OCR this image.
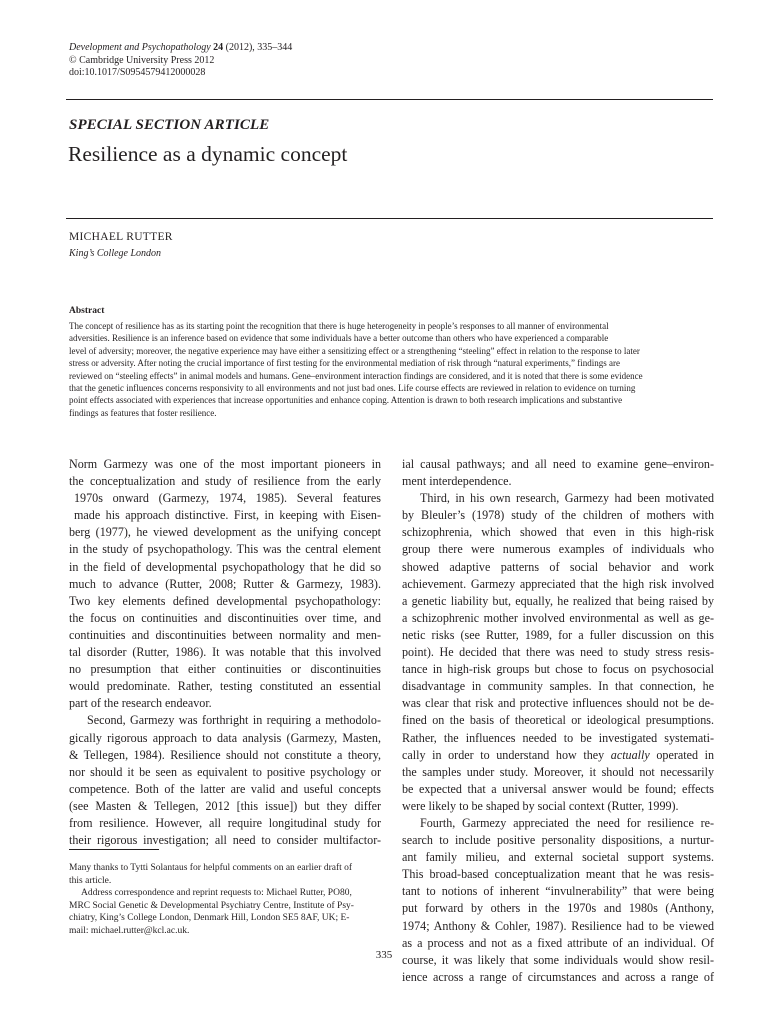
Development and Psychopathology 24 (2012), 335–344
© Cambridge University Press 2012
doi:10.1017/S0954579412000028
SPECIAL SECTION ARTICLE
Resilience as a dynamic concept
MICHAEL RUTTER
King’s College London
Abstract
The concept of resilience has as its starting point the recognition that there is huge heterogeneity in people’s responses to all manner of environmental
adversities. Resilience is an inference based on evidence that some individuals have a better outcome than others who have experienced a comparable
level of adversity; moreover, the negative experience may have either a sensitizing effect or a strengthening “steeling” effect in relation to the response to later
stress or adversity. After noting the crucial importance of first testing for the environmental mediation of risk through “natural experiments,” findings are
reviewed on “steeling effects” in animal models and humans. Gene–environment interaction findings are considered, and it is noted that there is some evidence
that the genetic influences concerns responsivity to all environments and not just bad ones. Life course effects are reviewed in relation to evidence on turning
point effects associated with experiences that increase opportunities and enhance coping. Attention is drawn to both research implications and substantive
findings as features that foster resilience.
Norm Garmezy was one of the most important pioneers in
the conceptualization and study of resilience from the early
1970s onward (Garmezy, 1974, 1985). Several features
made his approach distinctive. First, in keeping with Eisen-
berg (1977), he viewed development as the unifying concept
in the study of psychopathology. This was the central element
in the field of developmental psychopathology that he did so
much to advance (Rutter, 2008; Rutter & Garmezy, 1983).
Two key elements defined developmental psychopathology:
the focus on continuities and discontinuities over time, and
continuities and discontinuities between normality and men-
tal disorder (Rutter, 1986). It was notable that this involved
no presumption that either continuities or discontinuities
would predominate. Rather, testing constituted an essential
part of the research endeavor.
Second, Garmezy was forthright in requiring a methodolo-
gically rigorous approach to data analysis (Garmezy, Masten,
& Tellegen, 1984). Resilience should not constitute a theory,
nor should it be seen as equivalent to positive psychology or
competence. Both of the latter are valid and useful concepts
(see Masten & Tellegen, 2012 [this issue]) but they differ
from resilience. However, all require longitudinal study for
their rigorous investigation; all need to consider multifactor-
ial causal pathways; and all need to examine gene–environ-
ment interdependence.
Third, in his own research, Garmezy had been motivated
by Bleuler’s (1978) study of the children of mothers with
schizophrenia, which showed that even in this high-risk
group there were numerous examples of individuals who
showed adaptive patterns of social behavior and work
achievement. Garmezy appreciated that the high risk involved
a genetic liability but, equally, he realized that being raised by
a schizophrenic mother involved environmental as well as ge-
netic risks (see Rutter, 1989, for a fuller discussion on this
point). He decided that there was need to study stress resis-
tance in high-risk groups but chose to focus on psychosocial
disadvantage in community samples. In that connection, he
was clear that risk and protective influences should not be de-
fined on the basis of theoretical or ideological presumptions.
Rather, the influences needed to be investigated systemati-
cally in order to understand how they actually operated in
the samples under study. Moreover, it should not necessarily
be expected that a universal answer would be found; effects
were likely to be shaped by social context (Rutter, 1999).
Fourth, Garmezy appreciated the need for resilience re-
search to include positive personality dispositions, a nurtur-
ant family milieu, and external societal support systems.
This broad-based conceptualization meant that he was resis-
tant to notions of inherent “invulnerability” that were being
put forward by others in the 1970s and 1980s (Anthony,
1974; Anthony & Cohler, 1987). Resilience had to be viewed
as a process and not as a fixed attribute of an individual. Of
course, it was likely that some individuals would show resil-
ience across a range of circumstances and across a range of
Many thanks to Tytti Solantaus for helpful comments on an earlier draft of
this article.
Address correspondence and reprint requests to: Michael Rutter, PO80,
MRC Social Genetic & Developmental Psychiatry Centre, Institute of Psy-
chiatry, King’s College London, Denmark Hill, London SE5 8AF, UK; E-
mail: michael.rutter@kcl.ac.uk.
335
